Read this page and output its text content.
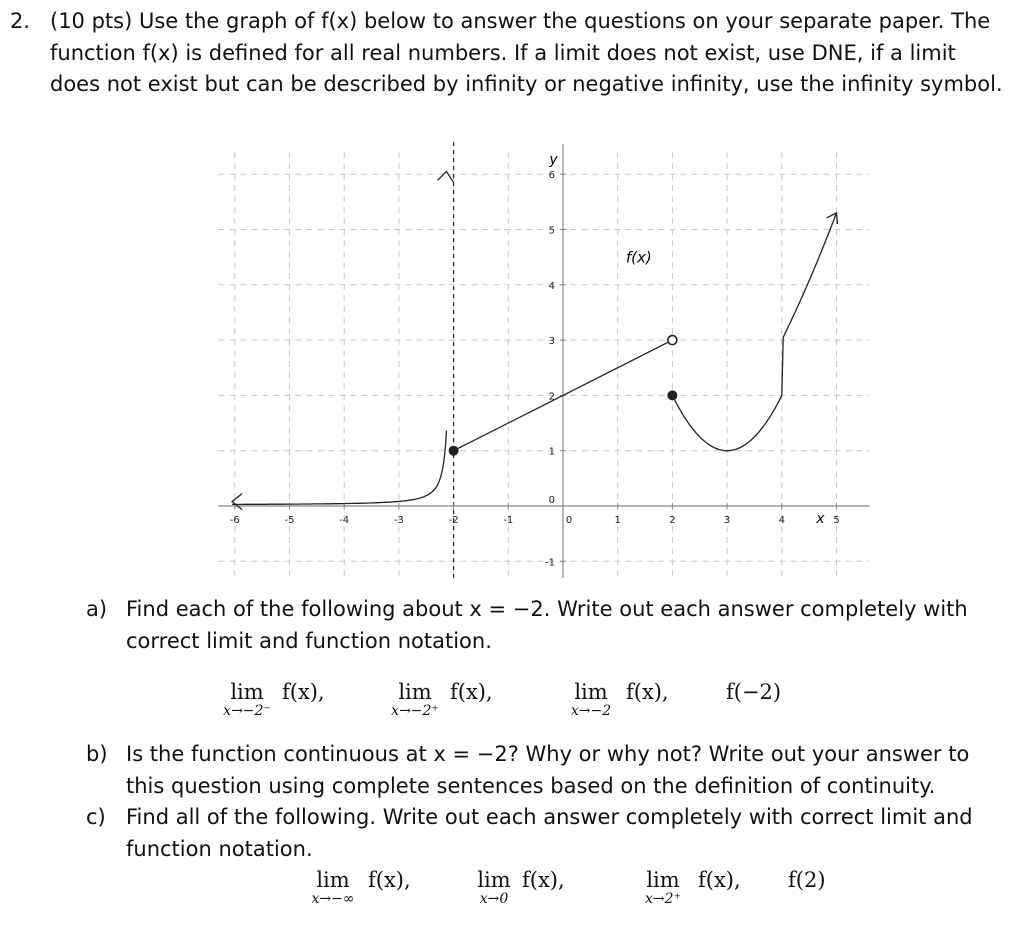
2. (10 pts) Use the graph of f(x) below to answer the questions on your separate paper. The
function f(x) is defined for all real numbers. If a limit does not exist, use DNE, if a limit
does not exist but can be described by infinity or negative infinity, use the infinity symbol.
-6	-5	-4	-3	-2	-1	0	1	2	3	4	5
-1
0
1
2
3
4
5
6
f(x)
x
y
a) Find each of the following about x = −2. Write out each answer completely with
correct limit and function notation.
lim
x→−2⁻
f(x),	lim
x→−2⁺
f(x),	lim
x→−2
f(x),	f(−2)
b) Is the function continuous at x = −2? Why or why not? Write out your answer to
this question using complete sentences based on the definition of continuity.
c) Find all of the following. Write out each answer completely with correct limit and
function notation.
lim
x→−∞
f(x),	lim
x→0
f(x),	lim
x→2⁺
f(x), f(2)
